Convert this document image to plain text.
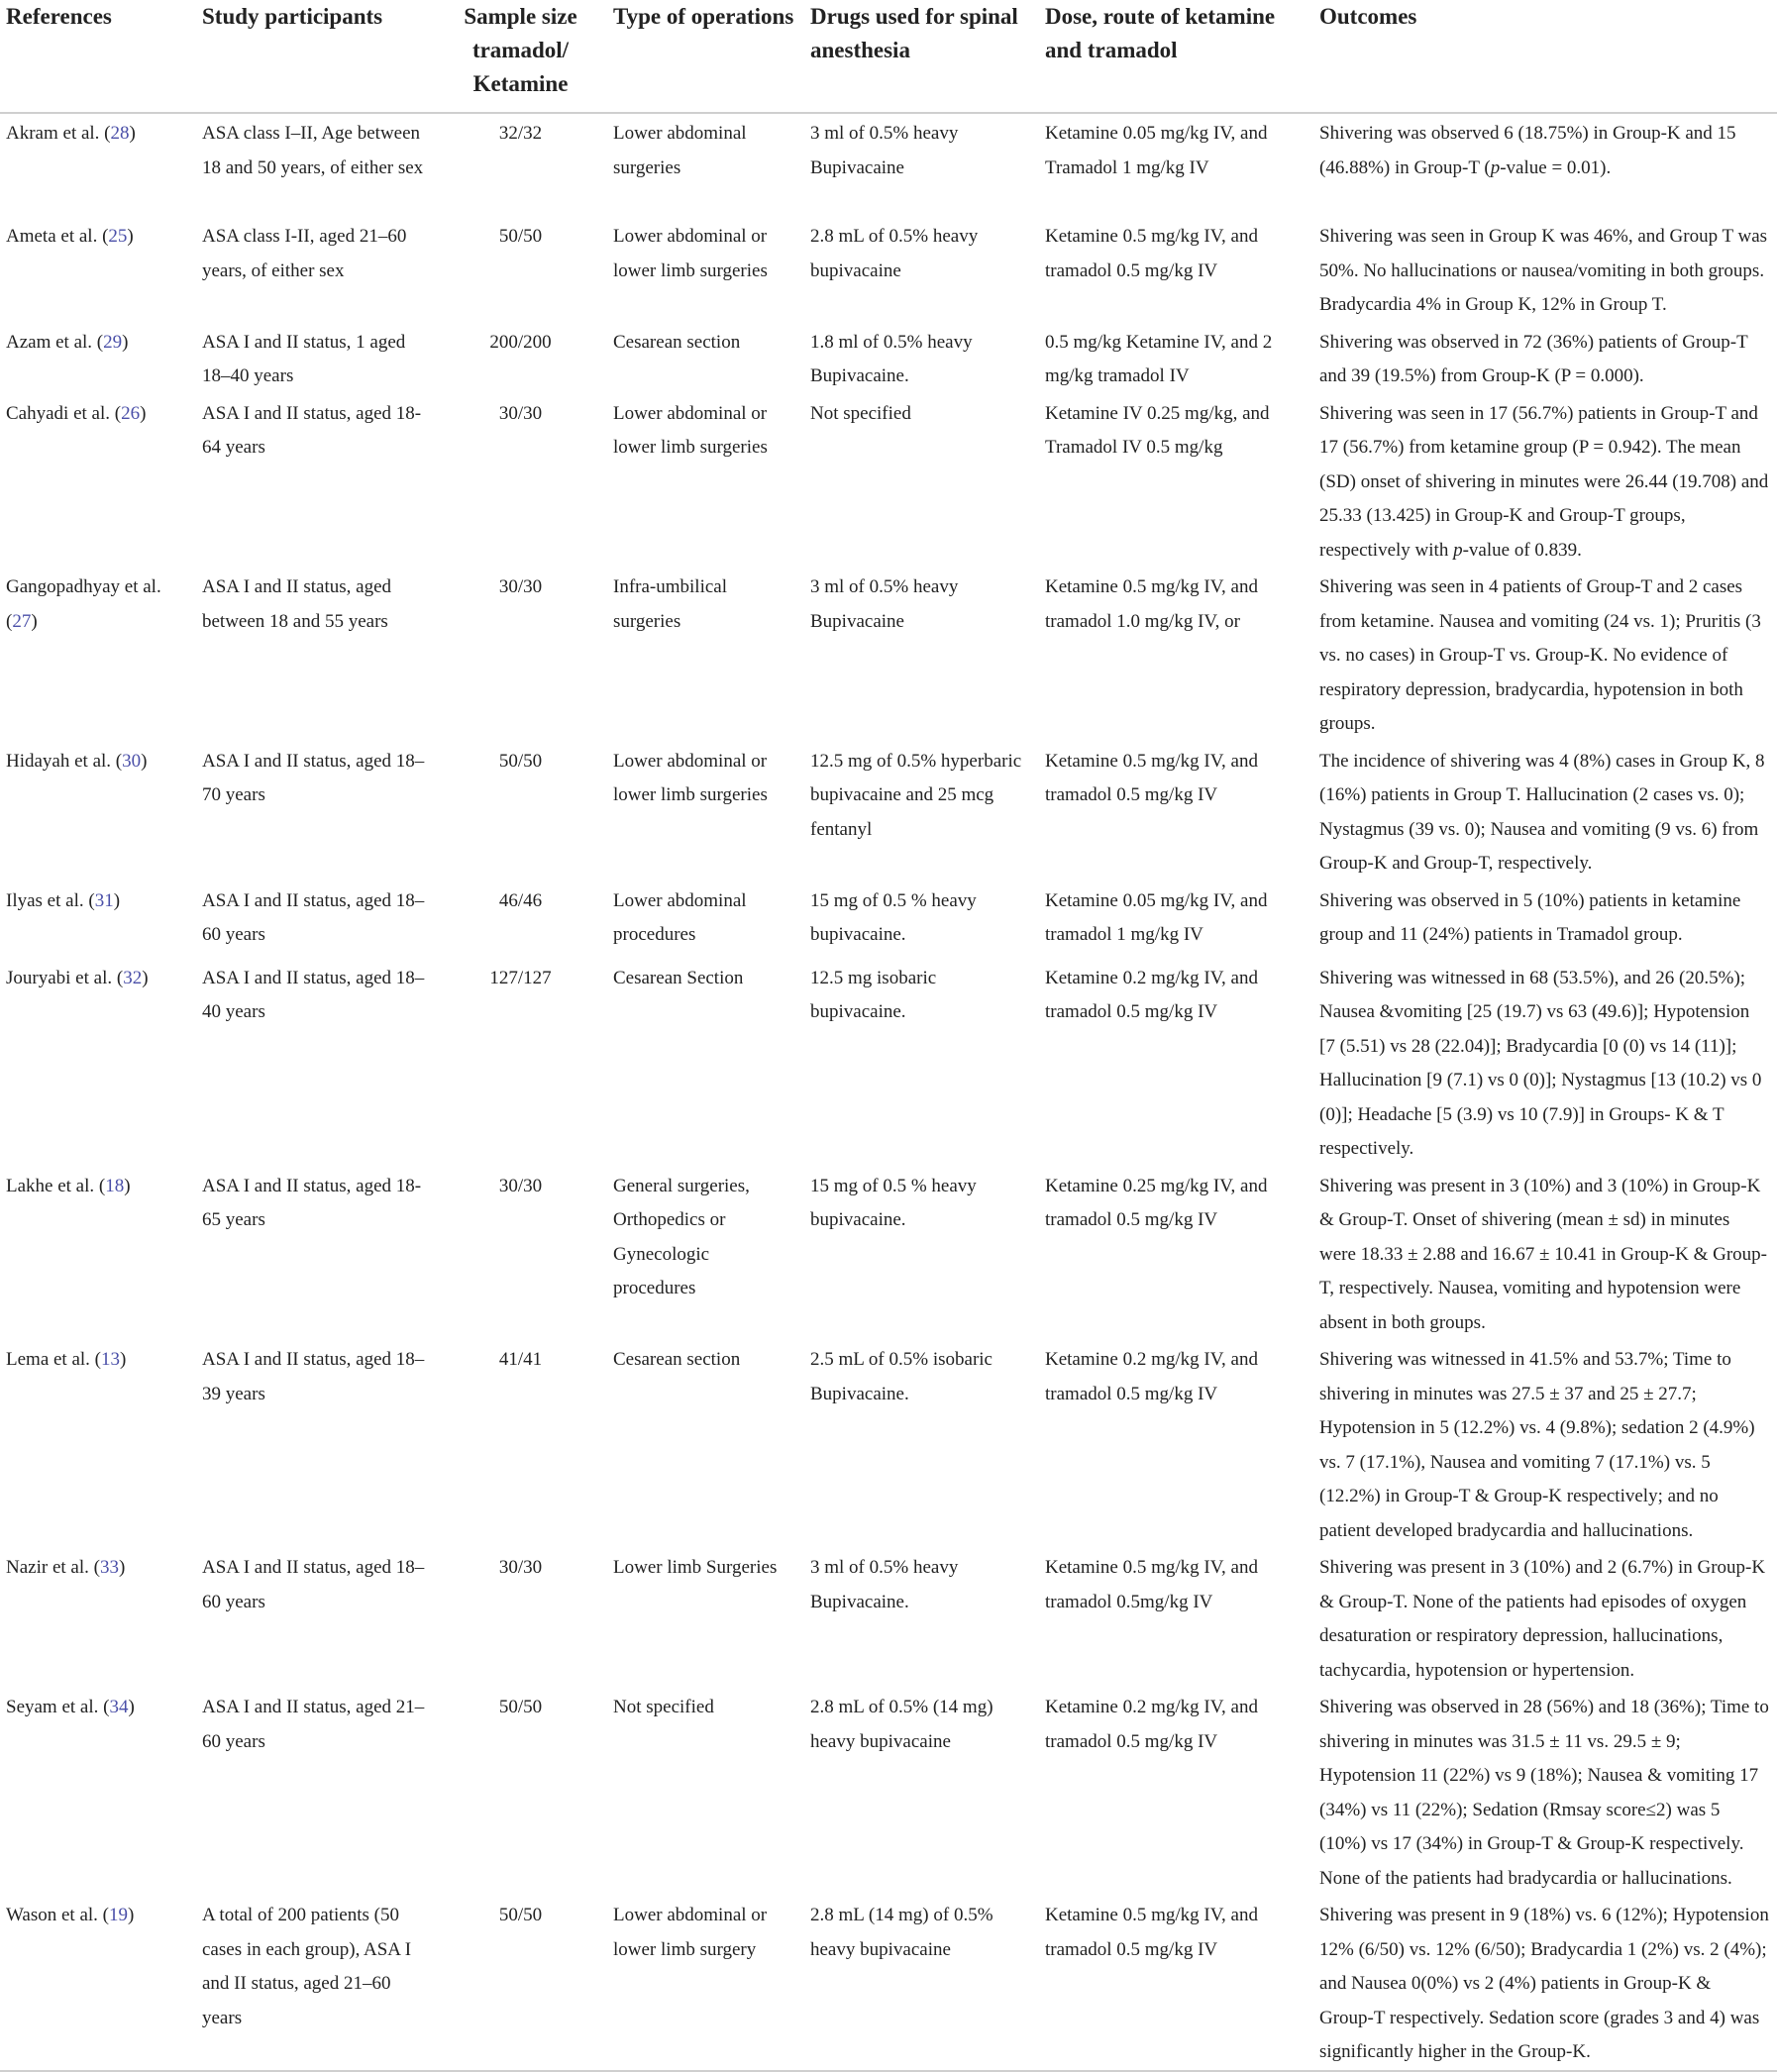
References	Study participants	Sample size tramadol/ Ketamine	Type of operations	Drugs used for spinal anesthesia	Dose, route of ketamine and tramadol	Outcomes
Akram et al. (28)	ASA class I–II, Age between 18 and 50 years, of either sex	32/32	Lower abdominal surgeries	3 ml of 0.5% heavy Bupivacaine	Ketamine 0.05 mg/kg IV, and Tramadol 1 mg/kg IV	Shivering was observed 6 (18.75%) in Group-K and 15 (46.88%) in Group-T (p-value = 0.01).
Ameta et al. (25)	ASA class I-II, aged 21–60 years, of either sex	50/50	Lower abdominal or lower limb surgeries	2.8 mL of 0.5% heavy bupivacaine	Ketamine 0.5 mg/kg IV, and tramadol 0.5 mg/kg IV	Shivering was seen in Group K was 46%, and Group T was 50%. No hallucinations or nausea/vomiting in both groups. Bradycardia 4% in Group K, 12% in Group T.
Azam et al. (29)	ASA I and II status, 1 aged 18–40 years	200/200	Cesarean section	1.8 ml of 0.5% heavy Bupivacaine.	0.5 mg/kg Ketamine IV, and 2 mg/kg tramadol IV	Shivering was observed in 72 (36%) patients of Group-T and 39 (19.5%) from Group-K (P = 0.000).
Cahyadi et al. (26)	ASA I and II status, aged 18-64 years	30/30	Lower abdominal or lower limb surgeries	Not specified	Ketamine IV 0.25 mg/kg, and Tramadol IV 0.5 mg/kg	Shivering was seen in 17 (56.7%) patients in Group-T and 17 (56.7%) from ketamine group (P = 0.942). The mean (SD) onset of shivering in minutes were 26.44 (19.708) and 25.33 (13.425) in Group-K and Group-T groups, respectively with p-value of 0.839.
Gangopadhyay et al. (27)	ASA I and II status, aged between 18 and 55 years	30/30	Infra-umbilical surgeries	3 ml of 0.5% heavy Bupivacaine	Ketamine 0.5 mg/kg IV, and tramadol 1.0 mg/kg IV, or	Shivering was seen in 4 patients of Group-T and 2 cases from ketamine. Nausea and vomiting (24 vs. 1); Pruritis (3 vs. no cases) in Group-T vs. Group-K. No evidence of respiratory depression, bradycardia, hypotension in both groups.
Hidayah et al. (30)	ASA I and II status, aged 18–70 years	50/50	Lower abdominal or lower limb surgeries	12.5 mg of 0.5% hyperbaric bupivacaine and 25 mcg fentanyl	Ketamine 0.5 mg/kg IV, and tramadol 0.5 mg/kg IV	The incidence of shivering was 4 (8%) cases in Group K, 8 (16%) patients in Group T. Hallucination (2 cases vs. 0); Nystagmus (39 vs. 0); Nausea and vomiting (9 vs. 6) from Group-K and Group-T, respectively.
Ilyas et al. (31)	ASA I and II status, aged 18–60 years	46/46	Lower abdominal procedures	15 mg of 0.5 % heavy bupivacaine.	Ketamine 0.05 mg/kg IV, and tramadol 1 mg/kg IV	Shivering was observed in 5 (10%) patients in ketamine group and 11 (24%) patients in Tramadol group.
Jouryabi et al. (32)	ASA I and II status, aged 18–40 years	127/127	Cesarean Section	12.5 mg isobaric bupivacaine.	Ketamine 0.2 mg/kg IV, and tramadol 0.5 mg/kg IV	Shivering was witnessed in 68 (53.5%), and 26 (20.5%); Nausea &vomiting [25 (19.7) vs 63 (49.6)]; Hypotension [7 (5.51) vs 28 (22.04)]; Bradycardia [0 (0) vs 14 (11)]; Hallucination [9 (7.1) vs 0 (0)]; Nystagmus [13 (10.2) vs 0 (0)]; Headache [5 (3.9) vs 10 (7.9)] in Groups- K & T respectively.
Lakhe et al. (18)	ASA I and II status, aged 18-65 years	30/30	General surgeries, Orthopedics or Gynecologic procedures	15 mg of 0.5 % heavy bupivacaine.	Ketamine 0.25 mg/kg IV, and tramadol 0.5 mg/kg IV	Shivering was present in 3 (10%) and 3 (10%) in Group-K & Group-T. Onset of shivering (mean ± sd) in minutes were 18.33 ± 2.88 and 16.67 ± 10.41 in Group-K & Group-T, respectively. Nausea, vomiting and hypotension were absent in both groups.
Lema et al. (13)	ASA I and II status, aged 18–39 years	41/41	Cesarean section	2.5 mL of 0.5% isobaric Bupivacaine.	Ketamine 0.2 mg/kg IV, and tramadol 0.5 mg/kg IV	Shivering was witnessed in 41.5% and 53.7%; Time to shivering in minutes was 27.5 ± 37 and 25 ± 27.7; Hypotension in 5 (12.2%) vs. 4 (9.8%); sedation 2 (4.9%) vs. 7 (17.1%), Nausea and vomiting 7 (17.1%) vs. 5 (12.2%) in Group-T & Group-K respectively; and no patient developed bradycardia and hallucinations.
Nazir et al. (33)	ASA I and II status, aged 18–60 years	30/30	Lower limb Surgeries	3 ml of 0.5% heavy Bupivacaine.	Ketamine 0.5 mg/kg IV, and tramadol 0.5mg/kg IV	Shivering was present in 3 (10%) and 2 (6.7%) in Group-K & Group-T. None of the patients had episodes of oxygen desaturation or respiratory depression, hallucinations, tachycardia, hypotension or hypertension.
Seyam et al. (34)	ASA I and II status, aged 21–60 years	50/50	Not specified	2.8 mL of 0.5% (14 mg) heavy bupivacaine	Ketamine 0.2 mg/kg IV, and tramadol 0.5 mg/kg IV	Shivering was observed in 28 (56%) and 18 (36%); Time to shivering in minutes was 31.5 ± 11 vs. 29.5 ± 9; Hypotension 11 (22%) vs 9 (18%); Nausea & vomiting 17 (34%) vs 11 (22%); Sedation (Rmsay score≤2) was 5 (10%) vs 17 (34%) in Group-T & Group-K respectively. None of the patients had bradycardia or hallucinations.
Wason et al. (19)	A total of 200 patients (50 cases in each group), ASA I and II status, aged 21–60 years	50/50	Lower abdominal or lower limb surgery	2.8 mL (14 mg) of 0.5% heavy bupivacaine	Ketamine 0.5 mg/kg IV, and tramadol 0.5 mg/kg IV	Shivering was present in 9 (18%) vs. 6 (12%); Hypotension 12% (6/50) vs. 12% (6/50); Bradycardia 1 (2%) vs. 2 (4%); and Nausea 0(0%) vs 2 (4%) patients in Group-K & Group-T respectively. Sedation score (grades 3 and 4) was significantly higher in the Group-K.
